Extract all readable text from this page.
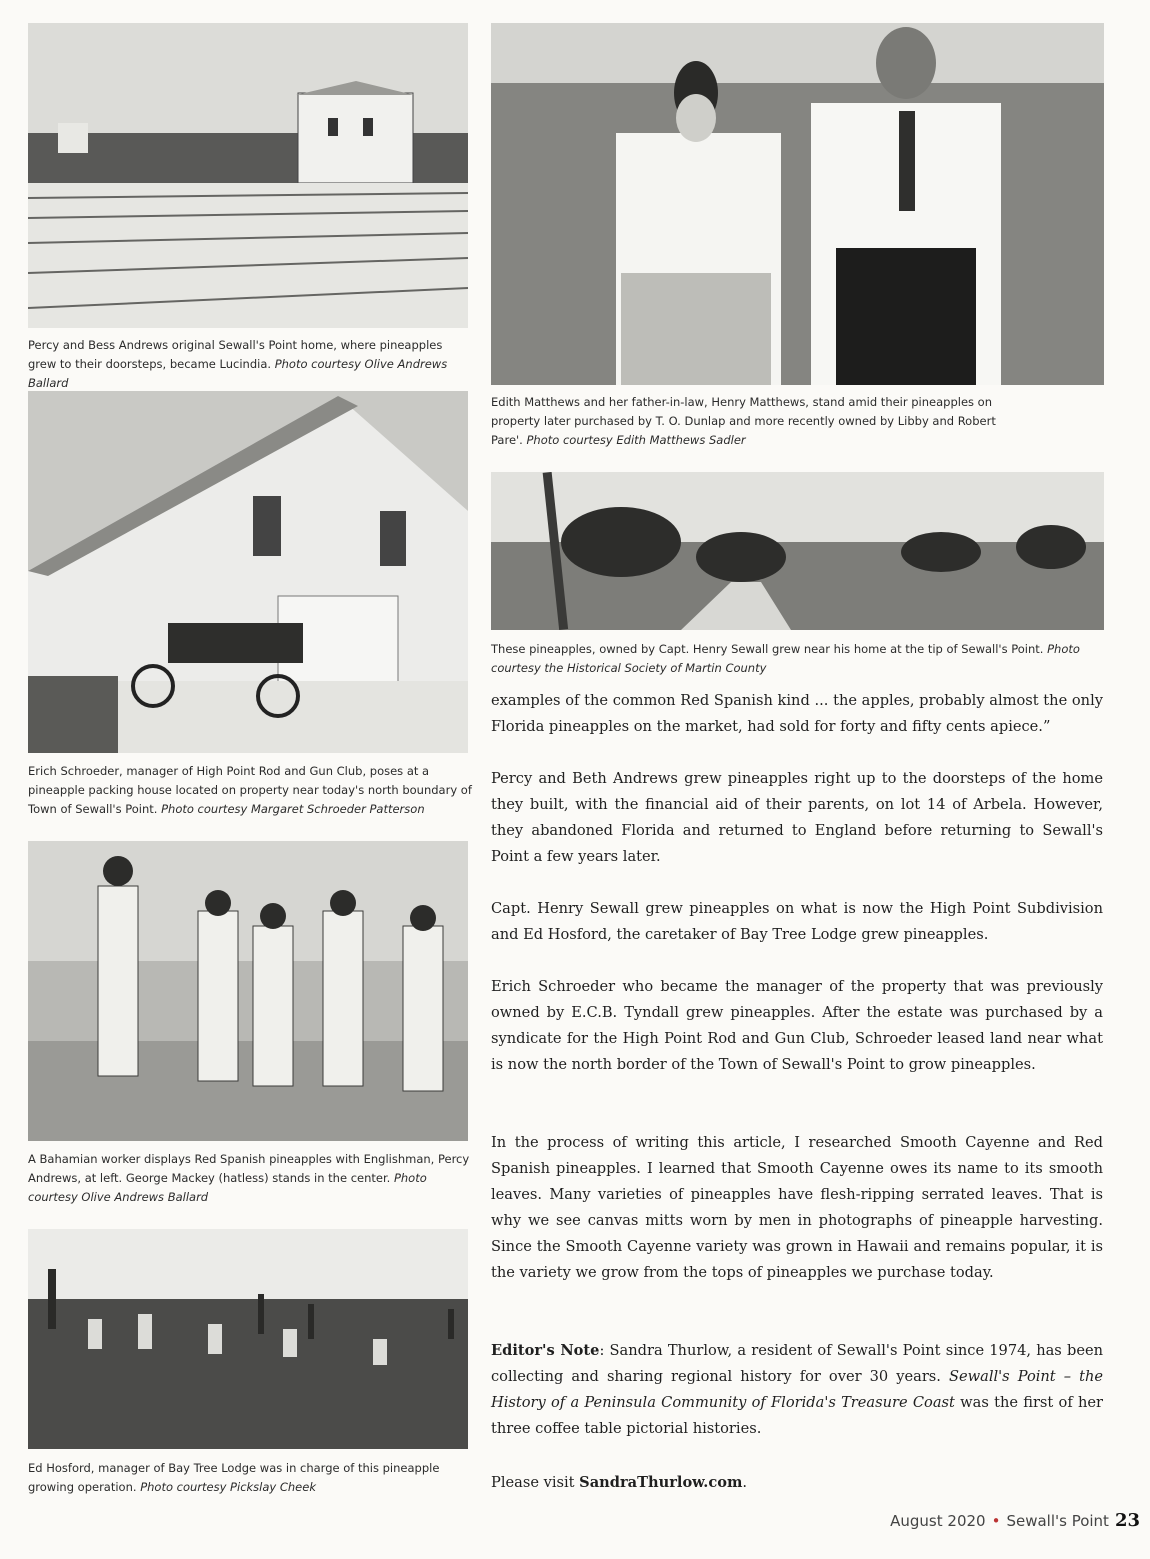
Percy and Bess Andrews original Sewall's Point home, where pineapples grew to their doorsteps, became Lucindia. Photo courtesy Olive Andrews Ballard

Erich Schroeder, manager of High Point Rod and Gun Club, poses at a pineapple packing house located on property near today's north boundary of Town of Sewall's Point. Photo courtesy Margaret Schroeder Patterson

A Bahamian worker displays Red Spanish pineapples with Englishman, Percy Andrews, at left. George Mackey (hatless) stands in the center. Photo courtesy Olive Andrews Ballard

Ed Hosford, manager of Bay Tree Lodge was in charge of this pineapple growing operation. Photo courtesy Pickslay Cheek

Edith Matthews and her father-in-law, Henry Matthews, stand amid their pineapples on property later purchased by T. O. Dunlap and more recently owned by Libby and Robert Pare'. Photo courtesy Edith Matthews Sadler

These pineapples, owned by Capt. Henry Sewall grew near his home at the tip of Sewall's Point. Photo courtesy the Historical Society of Martin County

examples of the common Red Spanish kind ... the apples, probably almost the only Florida pineapples on the market, had sold for forty and fifty cents apiece.”

Percy and Beth Andrews grew pineapples right up to the doorsteps of the home they built, with the financial aid of their parents, on lot 14 of Arbela. However, they abandoned Florida and returned to England before returning to Sewall's Point a few years later.

Capt. Henry Sewall grew pineapples on what is now the High Point Subdivision and Ed Hosford, the caretaker of Bay Tree Lodge grew pineapples.

Erich Schroeder who became the manager of the property that was previously owned by E.C.B. Tyndall grew pineapples. After the estate was purchased by a syndicate for the High Point Rod and Gun Club, Schroeder leased land near what is now the north border of the Town of Sewall's Point to grow pineapples.

In the process of writing this article, I researched Smooth Cayenne and Red Spanish pineapples. I learned that Smooth Cayenne owes its name to its smooth leaves. Many varieties of pineapples have flesh-ripping serrated leaves. That is why we see canvas mitts worn by men in photographs of pineapple harvesting. Since the Smooth Cayenne variety was grown in Hawaii and remains popular, it is the variety we grow from the tops of pineapples we purchase today.

Editor's Note: Sandra Thurlow, a resident of Sewall's Point since 1974, has been collecting and sharing regional history for over 30 years. Sewall's Point – the History of a Peninsula Community of Florida's Treasure Coast was the first of her three coffee table pictorial histories.

Please visit SandraThurlow.com.

August 2020 • Sewall's Point 23
